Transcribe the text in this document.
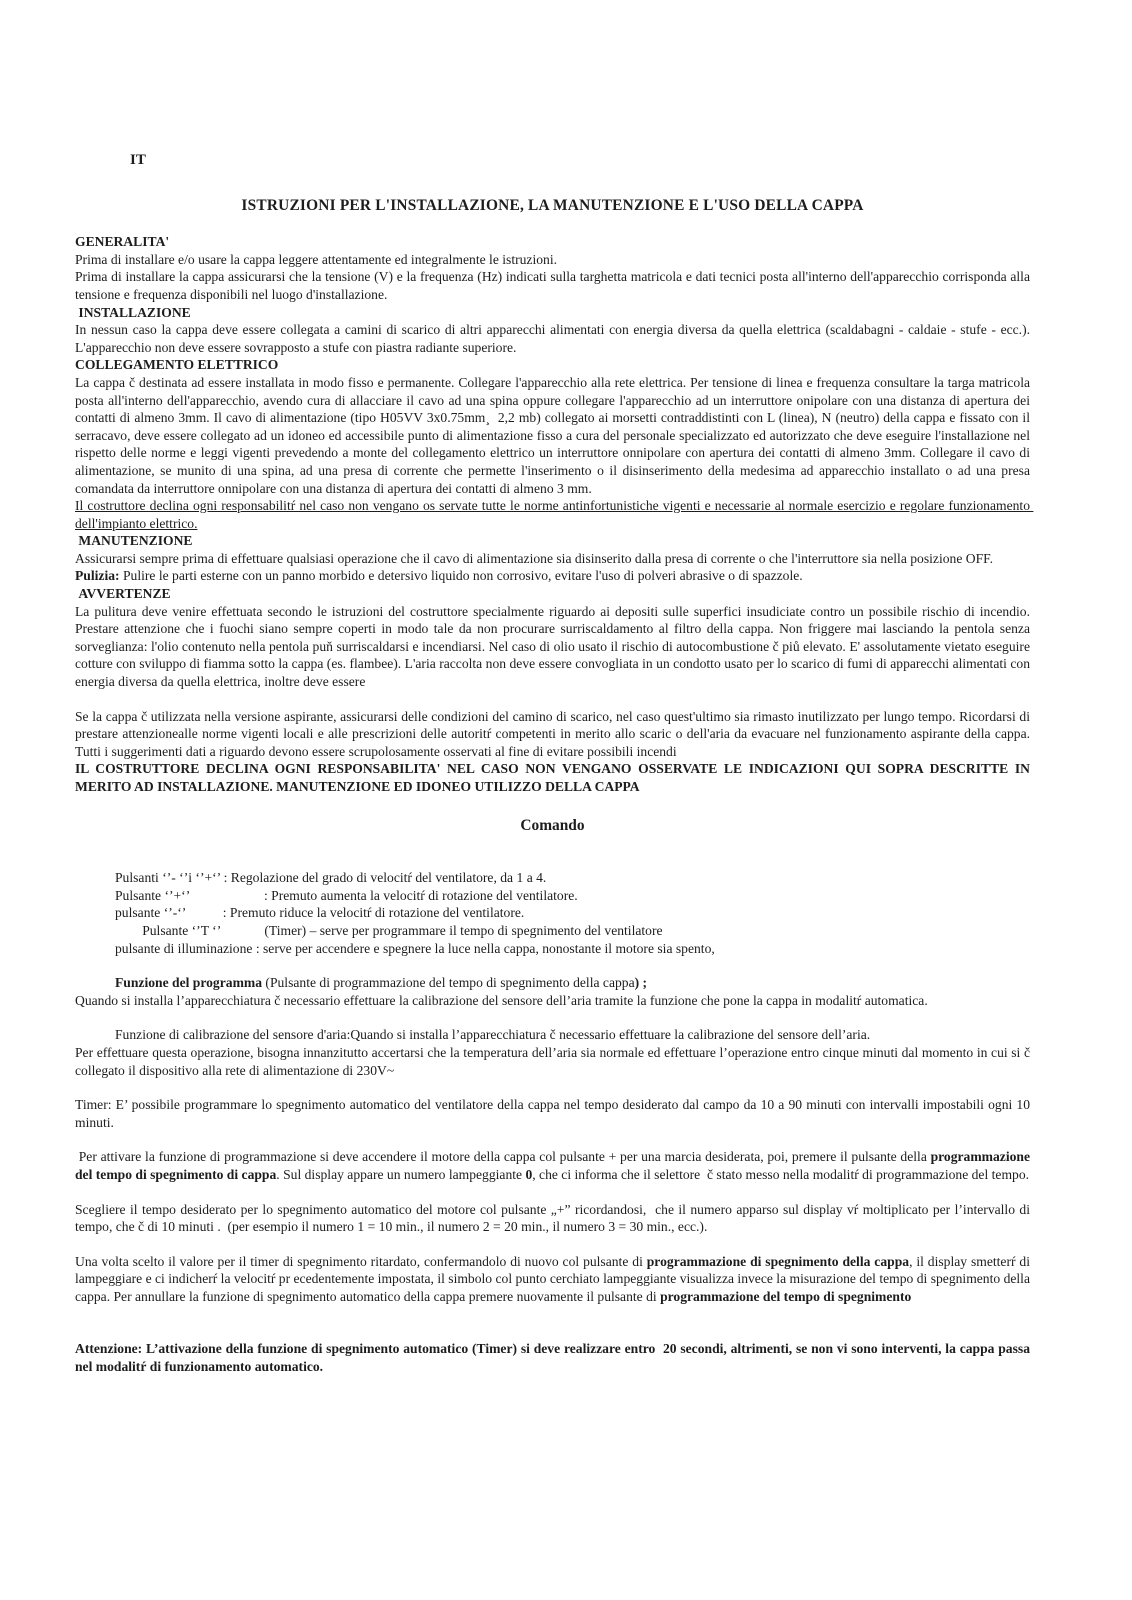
IT

ISTRUZIONI PER L'INSTALLAZIONE, LA MANUTENZIONE E L'USO DELLA CAPPA

GENERALITA'

Prima di installare e/o usare la cappa leggere attentamente ed integralmente le istruzioni.

Prima di installare la cappa assicurarsi che la tensione (V) e la frequenza (Hz) indicati sulla targhetta matricola e dati tecnici posta all'interno dell'apparecchio corrisponda alla tensione e frequenza disponibili nel luogo d'installazione.

INSTALLAZIONE

In nessun caso la cappa deve essere collegata a camini di scarico di altri apparecchi alimentati con energia diversa da quella elettrica (scaldabagni - caldaie - stufe - ecc.). L'apparecchio non deve essere sovrapposto a stufe con piastra radiante superiore.

COLLEGAMENTO ELETTRICO

La cappa č destinata ad essere installata in modo fisso e permanente. Collegare l'apparecchio alla rete elettrica. Per tensione di linea e frequenza consultare la targa matricola posta all'interno dell'apparecchio, avendo cura di allacciare il cavo ad una spina oppure collegare l'apparecchio ad un interruttore onipolare con una distanza di apertura dei contatti di almeno 3mm. Il cavo di alimentazione (tipo H05VV 3x0.75mm¸  2,2 mb) collegato ai morsetti contraddistinti con L (linea), N (neutro) della cappa e fissato con il serracavo, deve essere collegato ad un idoneo ed accessibile punto di alimentazione fisso a cura del personale specializzato ed autorizzato che deve eseguire l'installazione nel rispetto delle norme e leggi vigenti prevedendo a monte del collegamento elettrico un interruttore onnipolare con apertura dei contatti di almeno 3mm. Collegare il cavo di alimentazione, se munito di una spina, ad una presa di corrente che permette l'inserimento o il disinserimento della medesima ad apparecchio installato o ad una presa comandata da interruttore onnipolare con una distanza di apertura dei contatti di almeno 3 mm.

Il costruttore declina ogni responsabilitŕ nel caso non vengano os servate tutte le norme antinfortunistiche vigenti e necessarie al normale esercizio e regolare funzionamento dell'impianto elettrico.

MANUTENZIONE

Assicurarsi sempre prima di effettuare qualsiasi operazione che il cavo di alimentazione sia disinserito dalla presa di corrente o che l'interruttore sia nella posizione OFF.

Pulizia: Pulire le parti esterne con un panno morbido e detersivo liquido non corrosivo, evitare l'uso di polveri abrasive o di spazzole.

AVVERTENZE

La pulitura deve venire effettuata secondo le istruzioni del costruttore specialmente riguardo ai depositi sulle superfici insudiciate contro un possibile rischio di incendio. Prestare attenzione che i fuochi siano sempre coperti in modo tale da non procurare surriscaldamento al filtro della cappa. Non friggere mai lasciando la pentola senza sorveglianza: l'olio contenuto nella pentola puň surriscaldarsi e incendiarsi. Nel caso di olio usato il rischio di autocombustione č piů elevato. E' assolutamente vietato eseguire cotture con sviluppo di fiamma sotto la cappa (es. flambee). L'aria raccolta non deve essere convogliata in un condotto usato per lo scarico di fumi di apparecchi alimentati con energia diversa da quella elettrica, inoltre deve essere

Se la cappa č utilizzata nella versione aspirante, assicurarsi delle condizioni del camino di scarico, nel caso quest'ultimo sia rimasto inutilizzato per lungo tempo. Ricordarsi di prestare attenzionealle norme vigenti locali e alle prescrizioni delle autoritŕ competenti in merito allo scaric o dell'aria da evacuare nel funzionamento aspirante della cappa. Tutti i suggerimenti dati a riguardo devono essere scrupolosamente osservati al fine di evitare possibili incendi

IL COSTRUTTORE DECLINA OGNI RESPONSABILITA' NEL CASO NON VENGANO OSSERVATE LE INDICAZIONI QUI SOPRA DESCRITTE IN MERITO AD INSTALLAZIONE. MANUTENZIONE ED IDONEO UTILIZZO DELLA CAPPA

Comando

Pulsanti ‘’- ‘’i ‘’+‘’ : Regolazione del grado di velocitŕ del ventilatore, da 1 a 4.

Pulsante ‘’+‘’                      : Premuto aumenta la velocitŕ di rotazione del ventilatore.

pulsante ‘’-‘’           : Premuto riduce la velocitŕ di rotazione del ventilatore.

Pulsante ‘’T ‘’             (Timer) – serve per programmare il tempo di spegnimento del ventilatore

pulsante di illuminazione : serve per accendere e spegnere la luce nella cappa, nonostante il motore sia spento,

Funzione del programma (Pulsante di programmazione del tempo di spegnimento della cappa) ;

Quando si installa l’apparecchiatura č necessario effettuare la calibrazione del sensore dell’aria tramite la funzione che pone la cappa in modalitŕ automatica.

Funzione di calibrazione del sensore d'aria:Quando si installa l’apparecchiatura č necessario effettuare la calibrazione del sensore dell’aria.

Per effettuare questa operazione, bisogna innanzitutto accertarsi che la temperatura dell’aria sia normale ed effettuare l’operazione entro cinque minuti dal momento in cui si č collegato il dispositivo alla rete di alimentazione di 230V~

Timer: E’ possibile programmare lo spegnimento automatico del ventilatore della cappa nel tempo desiderato dal campo da 10 a 90 minuti con intervalli impostabili ogni 10 minuti.

Per attivare la funzione di programmazione si deve accendere il motore della cappa col pulsante + per una marcia desiderata, poi, premere il pulsante della programmazione del tempo di spegnimento di cappa. Sul display appare un numero lampeggiante 0, che ci informa che il selettore  č stato messo nella modalitŕ di programmazione del tempo.

Scegliere il tempo desiderato per lo spegnimento automatico del motore col pulsante „+” ricordandosi,  che il numero apparso sul display vŕ moltiplicato per l’intervallo di tempo, che č di 10 minuti .  (per esempio il numero 1 = 10 min., il numero 2 = 20 min., il numero 3 = 30 min., ecc.).

Una volta scelto il valore per il timer di spegnimento ritardato, confermandolo di nuovo col pulsante di programmazione di spegnimento della cappa, il display smetterŕ di lampeggiare e ci indicherŕ la velocitŕ pr ecedentemente impostata, il simbolo col punto cerchiato lampeggiante visualizza invece la misurazione del tempo di spegnimento della cappa. Per annullare la funzione di spegnimento automatico della cappa premere nuovamente il pulsante di programmazione del tempo di spegnimento

Attenzione: L’attivazione della funzione di spegnimento automatico (Timer) si deve realizzare entro  20 secondi, altrimenti, se non vi sono interventi, la cappa passa nel modalitŕ di funzionamento automatico.
